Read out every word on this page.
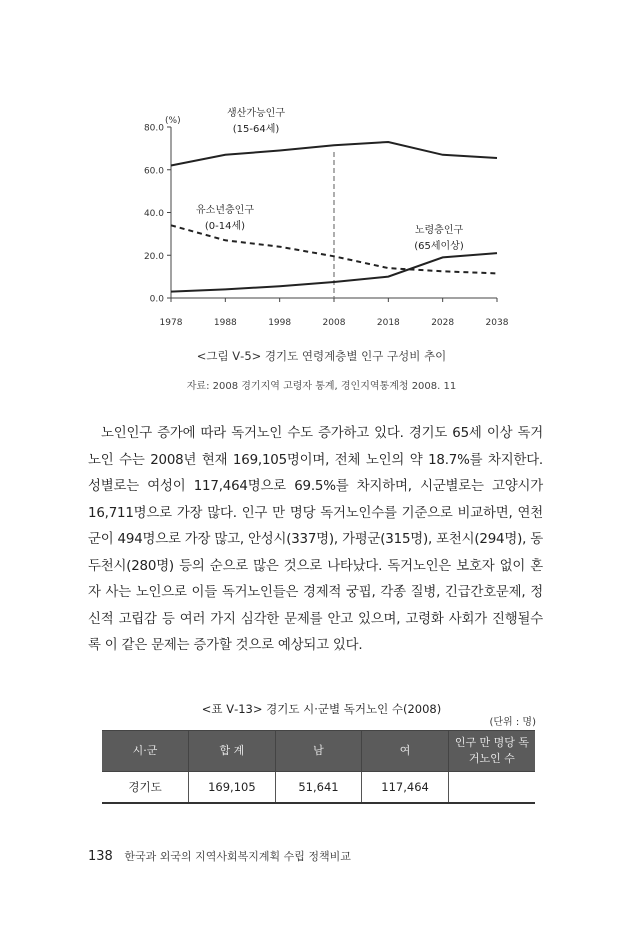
0.0
20.0
40.0
60.0
80.0
(%)
1978	1988	1998	2008	2018	2028	2038
생산가능인구
(15-64세)
유소년층인구
(0-14세)	노령층인구
(65세이상)
<그림 Ⅴ-5> 경기도 연령계층별 인구 구성비 추이
자료: 2008 경기지역 고령자 통계, 경인지역통계청 2008. 11

노인인구 증가에 따라 독거노인 수도 증가하고 있다. 경기도 65세 이상 독거노인 수는 2008년 현재 169,105명이며, 전체 노인의 약 18.7%를 차지한다. 성별로는 여성이 117,464명으로 69.5%를 차지하며, 시군별로는 고양시가 16,711명으로 가장 많다. 인구 만 명당 독거노인수를 기준으로 비교하면, 연천군이 494명으로 가장 많고, 안성시(337명), 가평군(315명), 포천시(294명), 동두천시(280명) 등의 순으로 많은 것으로 나타났다. 독거노인은 보호자 없이 혼자 사는 노인으로 이들 독거노인들은 경제적 궁핍, 각종 질병, 긴급간호문제, 정신적 고립감 등 여러 가지 심각한 문제를 안고 있으며, 고령화 사회가 진행될수록 이 같은 문제는 증가할 것으로 예상되고 있다.

<표 Ⅴ-13> 경기도 시·군별 독거노인 수(2008)
(단위 : 명)
시·군	합 계	남	여	인구 만 명당 독거노인 수
경기도	169,105	51,641	117,464	
138 한국과 외국의 지역사회복지계획 수립 정책비교
